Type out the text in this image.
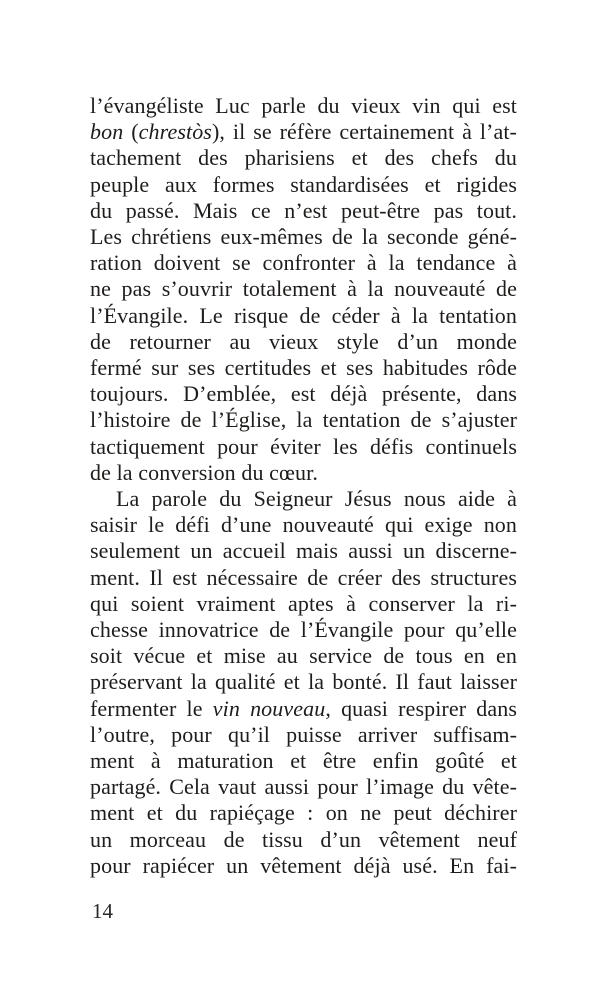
l’évangéliste Luc parle du vieux vin qui est
bon (chrestòs), il se réfère certainement à l’at-
tachement des pharisiens et des chefs du
peuple aux formes standardisées et rigides
du passé. Mais ce n’est peut-être pas tout.
Les chrétiens eux-mêmes de la seconde géné-
ration doivent se confronter à la tendance à
ne pas s’ouvrir totalement à la nouveauté de
l’Évangile. Le risque de céder à la tentation
de retourner au vieux style d’un monde
fermé sur ses certitudes et ses habitudes rôde
toujours. D’emblée, est déjà présente, dans
l’histoire de l’Église, la tentation de s’ajuster
tactiquement pour éviter les défis continuels
de la conversion du cœur.
La parole du Seigneur Jésus nous aide à
saisir le défi d’une nouveauté qui exige non
seulement un accueil mais aussi un discerne-
ment. Il est nécessaire de créer des structures
qui soient vraiment aptes à conserver la ri-
chesse innovatrice de l’Évangile pour qu’elle
soit vécue et mise au service de tous en en
préservant la qualité et la bonté. Il faut laisser
fermenter le vin nouveau, quasi respirer dans
l’outre, pour qu’il puisse arriver suffisam-
ment à maturation et être enfin goûté et
partagé. Cela vaut aussi pour l’image du vête-
ment et du rapiéçage : on ne peut déchirer
un morceau de tissu d’un vêtement neuf
pour rapiécer un vêtement déjà usé. En fai-
14
